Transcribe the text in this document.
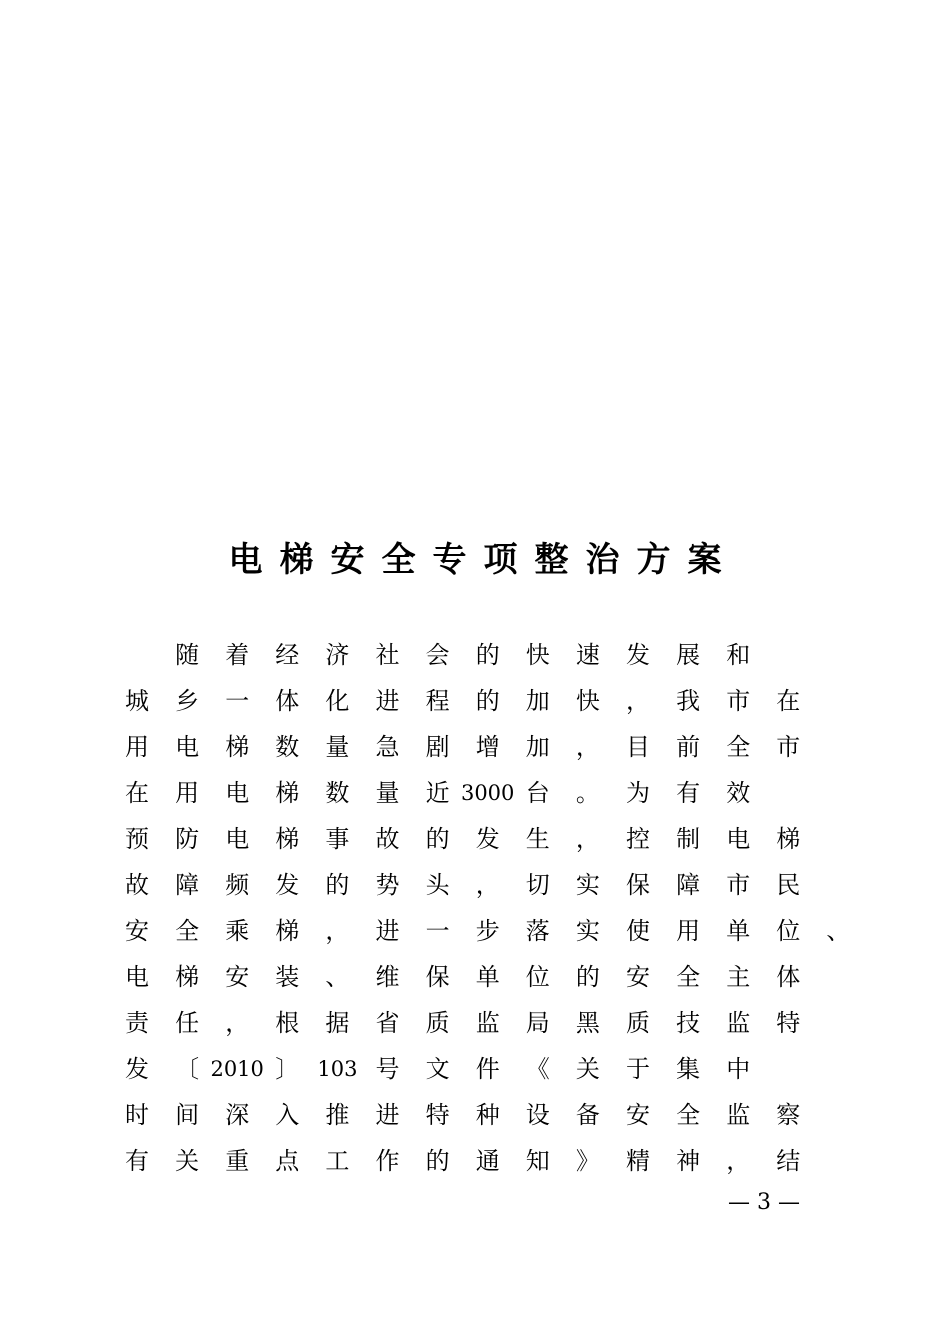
电梯安全专项整治方案
随 着 经 济 社 会 的 快 速 发 展 和
城 乡 一 体 化 进 程 的 加 快 ， 我 市 在
用 电 梯 数 量 急 剧 增 加 ， 目 前 全 市
在 用 电 梯 数 量 近 3000 台 。 为 有 效
预 防 电 梯 事 故 的 发 生 ， 控 制 电 梯
故 障 频 发 的 势 头 ， 切 实 保 障 市 民
安 全 乘 梯 ， 进 一 步 落 实 使 用 单 位 、
电 梯 安 装 、 维 保 单 位 的 安 全 主 体
责 任 ， 根 据 省 质 监 局 黑 质 技 监 特
发 〔 2010 〕 103 号 文 件 《 关 于 集 中
时 间 深 入 推 进 特 种 设 备 安 全 监 察
有 关 重 点 工 作 的 通 知 》 精 神 ， 结
— 3 —
